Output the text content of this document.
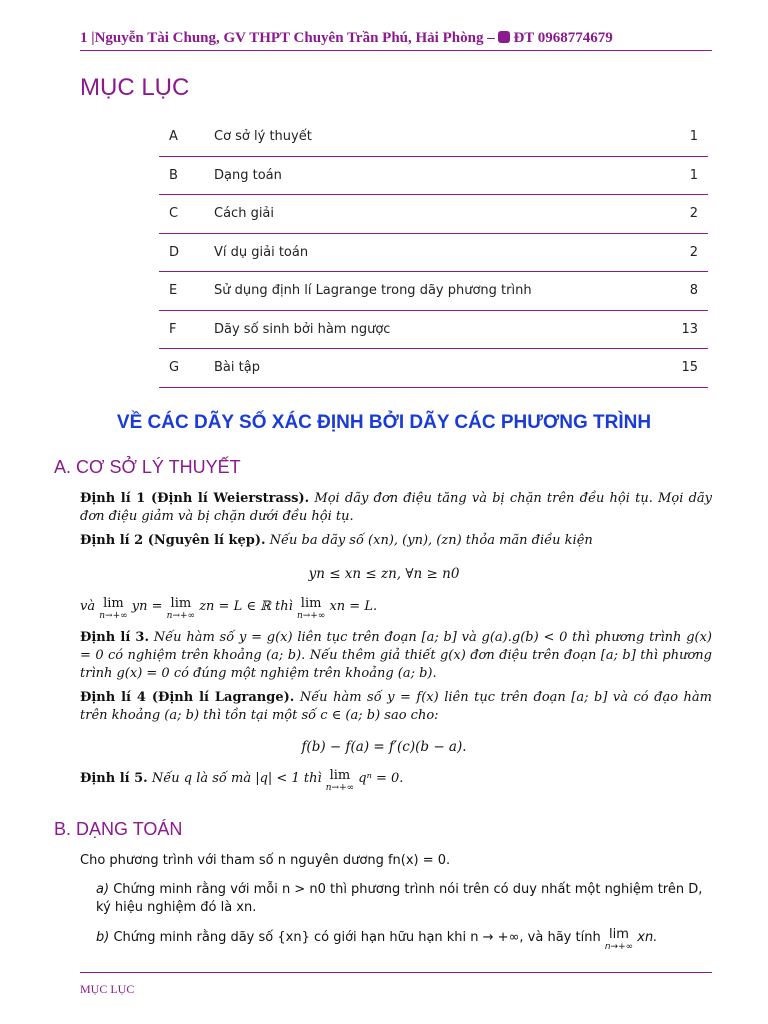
1 |Nguyễn Tài Chung, GV THPT Chuyên Trần Phú, Hải Phòng – ĐT 0968774679
MỤC LỤC
A	Cơ sở lý thuyết	1
B	Dạng toán	1
C	Cách giải	2
D	Ví dụ giải toán	2
E	Sử dụng định lí Lagrange trong dãy phương trình	8
F	Dãy số sinh bởi hàm ngược	13
G	Bài tập	15
VỀ CÁC DÃY SỐ XÁC ĐỊNH BỞI DÃY CÁC PHƯƠNG TRÌNH
A. CƠ SỞ LÝ THUYẾT
Định lí 1 (Định lí Weierstrass). Mọi dãy đơn điệu tăng và bị chặn trên đều hội tụ. Mọi dãy đơn điệu giảm và bị chặn dưới đều hội tụ.
Định lí 2 (Nguyên lí kẹp). Nếu ba dãy số (xn), (yn), (zn) thỏa mãn điều kiện
yn ≤ xn ≤ zn, ∀n ≥ n0
và lim
n→+∞
yn = lim
n→+∞
zn = L ∈ ℝ thì lim
n→+∞
xn = L.
Định lí 3. Nếu hàm số y = g(x) liên tục trên đoạn [a; b] và g(a).g(b) < 0 thì phương trình g(x) = 0 có nghiệm trên khoảng (a; b). Nếu thêm giả thiết g(x) đơn điệu trên đoạn [a; b] thì phương trình g(x) = 0 có đúng một nghiệm trên khoảng (a; b).
Định lí 4 (Định lí Lagrange). Nếu hàm số y = f(x) liên tục trên đoạn [a; b] và có đạo hàm trên khoảng (a; b) thì tồn tại một số c ∈ (a; b) sao cho:
f(b) − f(a) = f′(c)(b − a).
Định lí 5. Nếu q là số mà |q| < 1 thì lim
n→+∞
qⁿ = 0.
B. DẠNG TOÁN
Cho phương trình với tham số n nguyên dương fn(x) = 0.
a) Chứng minh rằng với mỗi n > n0 thì phương trình nói trên có duy nhất một nghiệm trên D, ký hiệu nghiệm đó là xn.
b) Chứng minh rằng dãy số {xn} có giới hạn hữu hạn khi n → +∞, và hãy tính lim
n→+∞
xn.
MỤC LỤC
